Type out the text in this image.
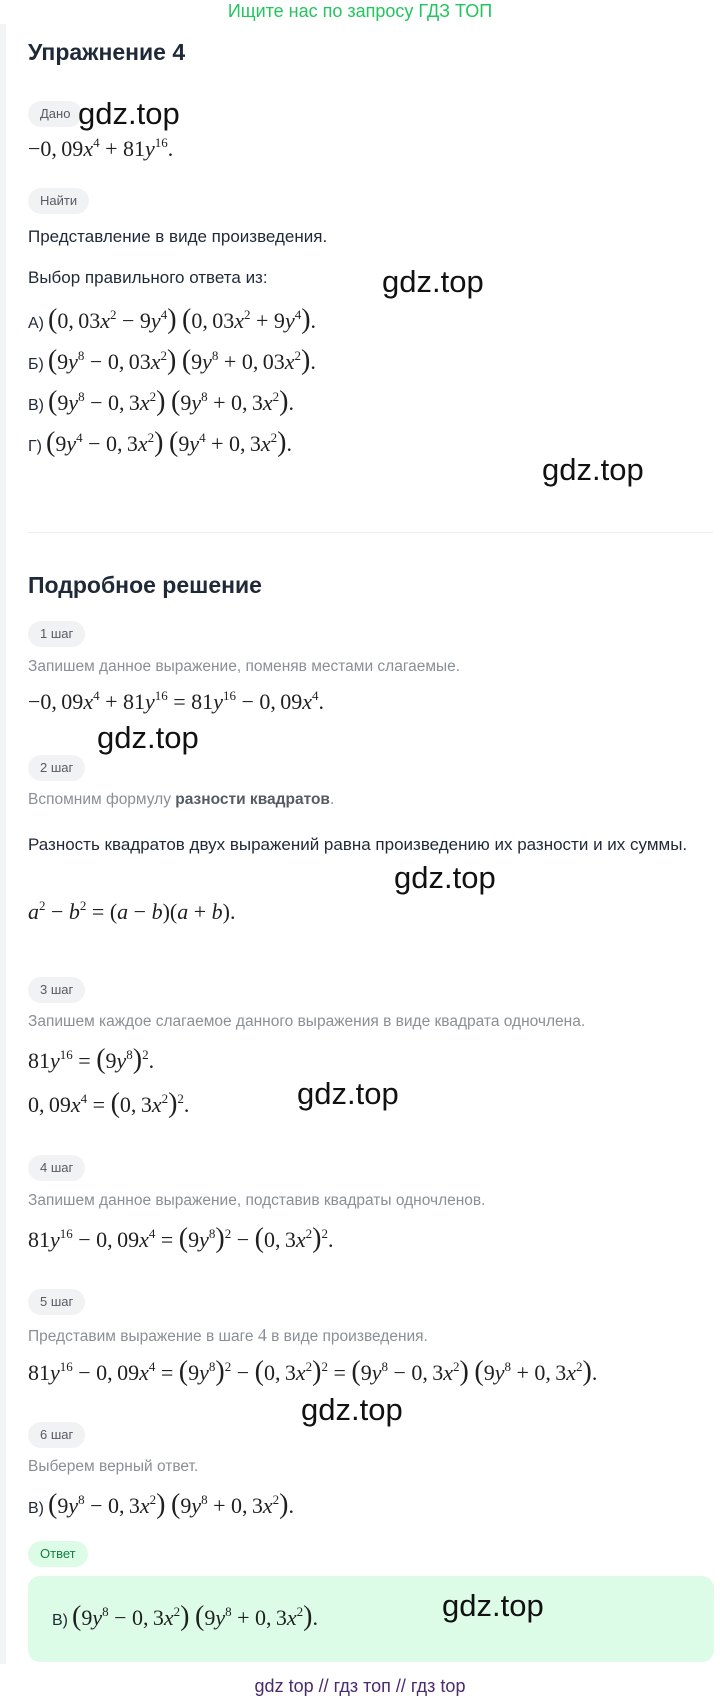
Ищите нас по запросу ГДЗ ТОП
Упражнение 4
Дано
−0, $09x^4 + 81y^{16}$.
Найти
Представление в виде произведения.
Выбор правильного ответа из:
А) (0, $03x^2 - 9y^4$) (0, $03x^2 + 9y^4$).
Б) ($9y^8 - 0$, $03x^2$) ($9y^8 + 0$, $03x^2$).
В) ($9y^8 - 0$, $3x^2$) ($9y^8 + 0$, $3x^2$).
Г) ($9y^4 - 0$, $3x^2$) ($9y^4 + 0$, $3x^2$).
Подробное решение
1 шаг
Запишем данное выражение, поменяв местами слагаемые.
−0, $09x^4 + 81y^{16} = 81y^{16} - 0$, $09x^4$.
2 шаг
Вспомним формулу разности квадратов.
Разность квадратов двух выражений равна произведению их разности и их суммы.
$a^2 - b^2 = (a - b)(a + b)$.
3 шаг
Запишем каждое слагаемое данного выражения в виде квадрата одночлена.
$81y^{16} = (9y^8)^2$.
0, $09x^4 = (0$, $3x^2)^2$.
4 шаг
Запишем данное выражение, подставив квадраты одночленов.
$81y^{16} - 0$, $09x^4 = (9y^8)^2 - (0$, $3x^2)^2$.
5 шаг
Представим выражение в шаге 4 в виде произведения.
$81y^{16} - 0$, $09x^4 = (9y^8)^2 - (0$, $3x^2)^2 = (9y^8 - 0$, $3x^2$) ($9y^8 + 0$, $3x^2$).
6 шаг
Выберем верный ответ.
В) ($9y^8 - 0$, $3x^2$) ($9y^8 + 0$, $3x^2$).
Ответ
В) ($9y^8 - 0$, $3x^2$) ($9y^8 + 0$, $3x^2$).
gdz.top
gdz.top
gdz.top
gdz.top
gdz.top
gdz.top
gdz.top
gdz.top
gdz top // гдз топ // гдз top
